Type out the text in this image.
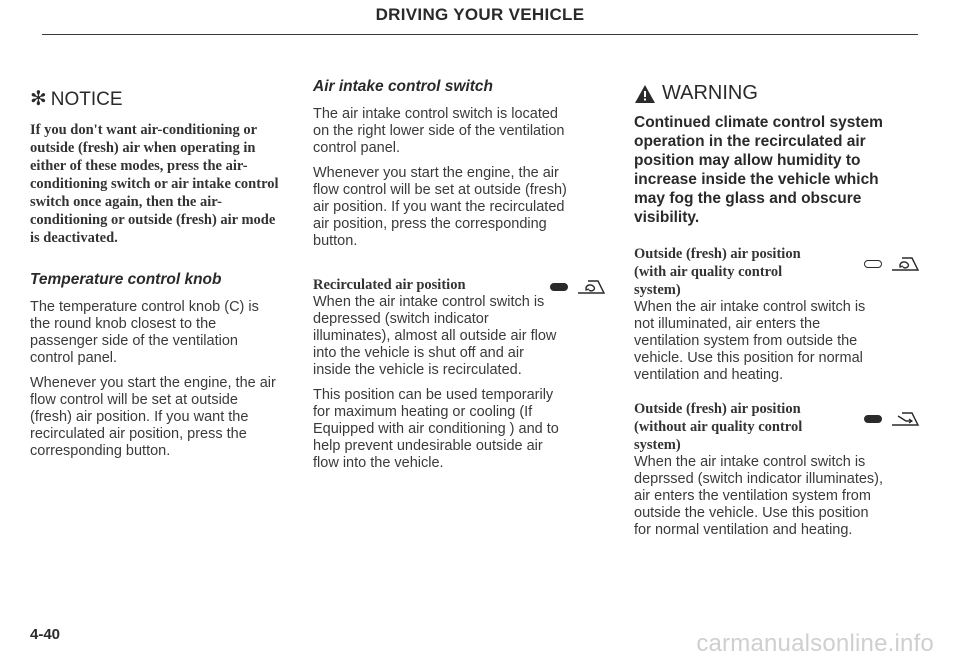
DRIVING YOUR VEHICLE
✻ NOTICE

If you don't want air-conditioning or
outside (fresh) air when operating in
either of these modes, press the air-
conditioning switch or air intake control
switch once again, then the air-
conditioning or outside (fresh) air mode
is deactivated.

Temperature control knob

The temperature control knob (C) is
the round knob closest to the
passenger side of the ventilation
control panel.

Whenever you start the engine, the air
flow control will be set at outside
(fresh) air position. If you want the
recirculated air position, press the
corresponding button.

Air intake control switch

The air intake control switch is located
on the right lower side of the ventilation
control panel.

Whenever you start the engine, the air
flow control will be set at outside (fresh)
air position. If you want the recirculated
air position, press the corresponding
button.

Recirculated air position

When the air intake control switch is
depressed (switch indicator
illuminates), almost all outside air flow
into the vehicle is shut off and air
inside the vehicle is recirculated.

This position can be used temporarily
for maximum heating or cooling (If
Equipped with air conditioning ) and to
help prevent undesirable outside air
flow into the vehicle.

WARNING

Continued climate control system
operation in the recirculated air
position may allow humidity to
increase inside the vehicle which
may fog the glass and obscure
visibility.

Outside (fresh) air position
(with air quality control
system)

When the air intake control switch is
not illuminated, air enters the
ventilation system from outside the
vehicle. Use this position for normal
ventilation and heating.

Outside (fresh) air position
(without air quality control
system)

When the air intake control switch is
deprssed (switch indicator illuminates),
air enters the ventilation system from
outside the vehicle. Use this position
for normal ventilation and heating.

4-40	carmanualsonline.info
